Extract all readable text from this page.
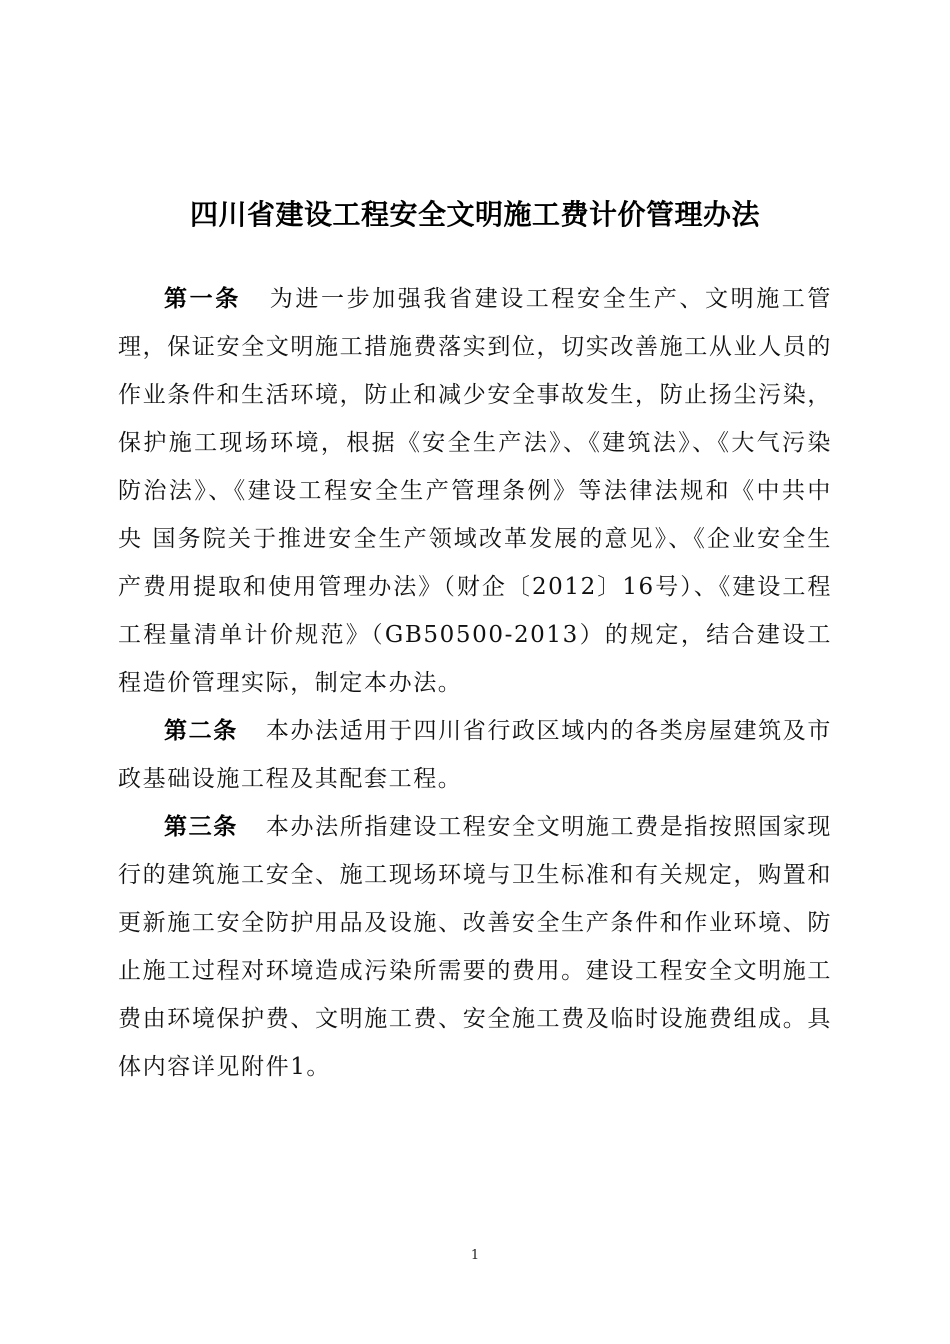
四川省建设工程安全文明施工费计价管理办法

第一条 为进一步加强我省建设工程安全生产、文明施工管理，保证安全文明施工措施费落实到位，切实改善施工从业人员的作业条件和生活环境，防止和减少安全事故发生，防止扬尘污染，保护施工现场环境，根据《安全生产法》、《建筑法》、《大气污染防治法》、《建设工程安全生产管理条例》等法律法规和《中共中央 国务院关于推进安全生产领域改革发展的意见》、《企业安全生产费用提取和使用管理办法》（财企〔2012〕16号）、《建设工程工程量清单计价规范》（GB50500-2013）的规定，结合建设工程造价管理实际，制定本办法。

第二条 本办法适用于四川省行政区域内的各类房屋建筑及市政基础设施工程及其配套工程。

第三条 本办法所指建设工程安全文明施工费是指按照国家现行的建筑施工安全、施工现场环境与卫生标准和有关规定，购置和更新施工安全防护用品及设施、改善安全生产条件和作业环境、防止施工过程对环境造成污染所需要的费用。建设工程安全文明施工费由环境保护费、文明施工费、安全施工费及临时设施费组成。具体内容详见附件1。

1
